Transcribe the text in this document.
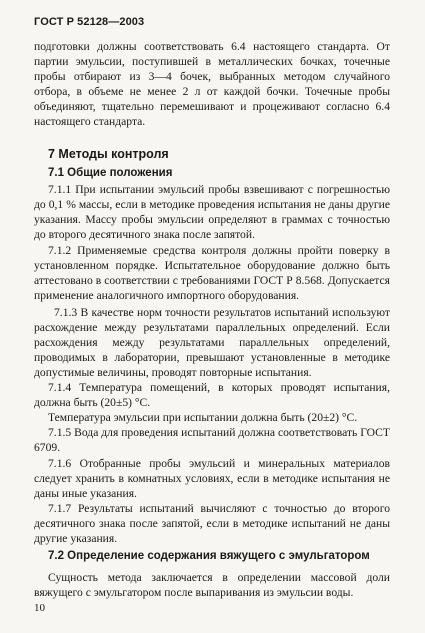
ГОСТ Р 52128—2003

подготовки должны соответствовать 6.4 настоящего стандарта. От партии эмульсии, поступившей в металлических бочках, точечные пробы отбирают из 3—4 бочек, выбранных методом случайного отбора, в объеме не менее 2 л от каждой бочки. Точечные пробы объединяют, тщательно перемешивают и процеживают согласно 6.4 настоящего стандарта.

7 Методы контроля
7.1 Общие положения

7.1.1 При испытании эмульсий пробы взвешивают с погрешностью до 0,1 % массы, если в методике проведения испытания не даны другие указания. Массу пробы эмульсии определяют в граммах с точностью до второго десятичного знака после запятой.

7.1.2 Применяемые средства контроля должны пройти поверку в установленном порядке. Испытательное оборудование должно быть аттестовано в соответствии с требованиями ГОСТ Р 8.568. Допускается применение аналогичного импортного оборудования.

7.1.3 В качестве норм точности результатов испытаний используют расхождение между результатами параллельных определений. Если расхождения между результатами параллельных определений, проводимых в лаборатории, превышают установленные в методике допустимые величины, проводят повторные испытания.

7.1.4 Температура помещений, в которых проводят испытания, должна быть (20±5) °С.

Температура эмульсии при испытании должна быть (20±2) °С.

7.1.5 Вода для проведения испытаний должна соответствовать ГОСТ 6709.

7.1.6 Отобранные пробы эмульсий и минеральных материалов следует хранить в комнатных условиях, если в методике испытания не даны иные указания.

7.1.7 Результаты испытаний вычисляют с точностью до второго десятичного знака после запятой, если в методике испытаний не даны другие указания.

7.2 Определение содержания вяжущего с эмульгатором

Сущность метода заключается в определении массовой доли вяжущего с эмульгатором после выпаривания из эмульсии воды.

10
